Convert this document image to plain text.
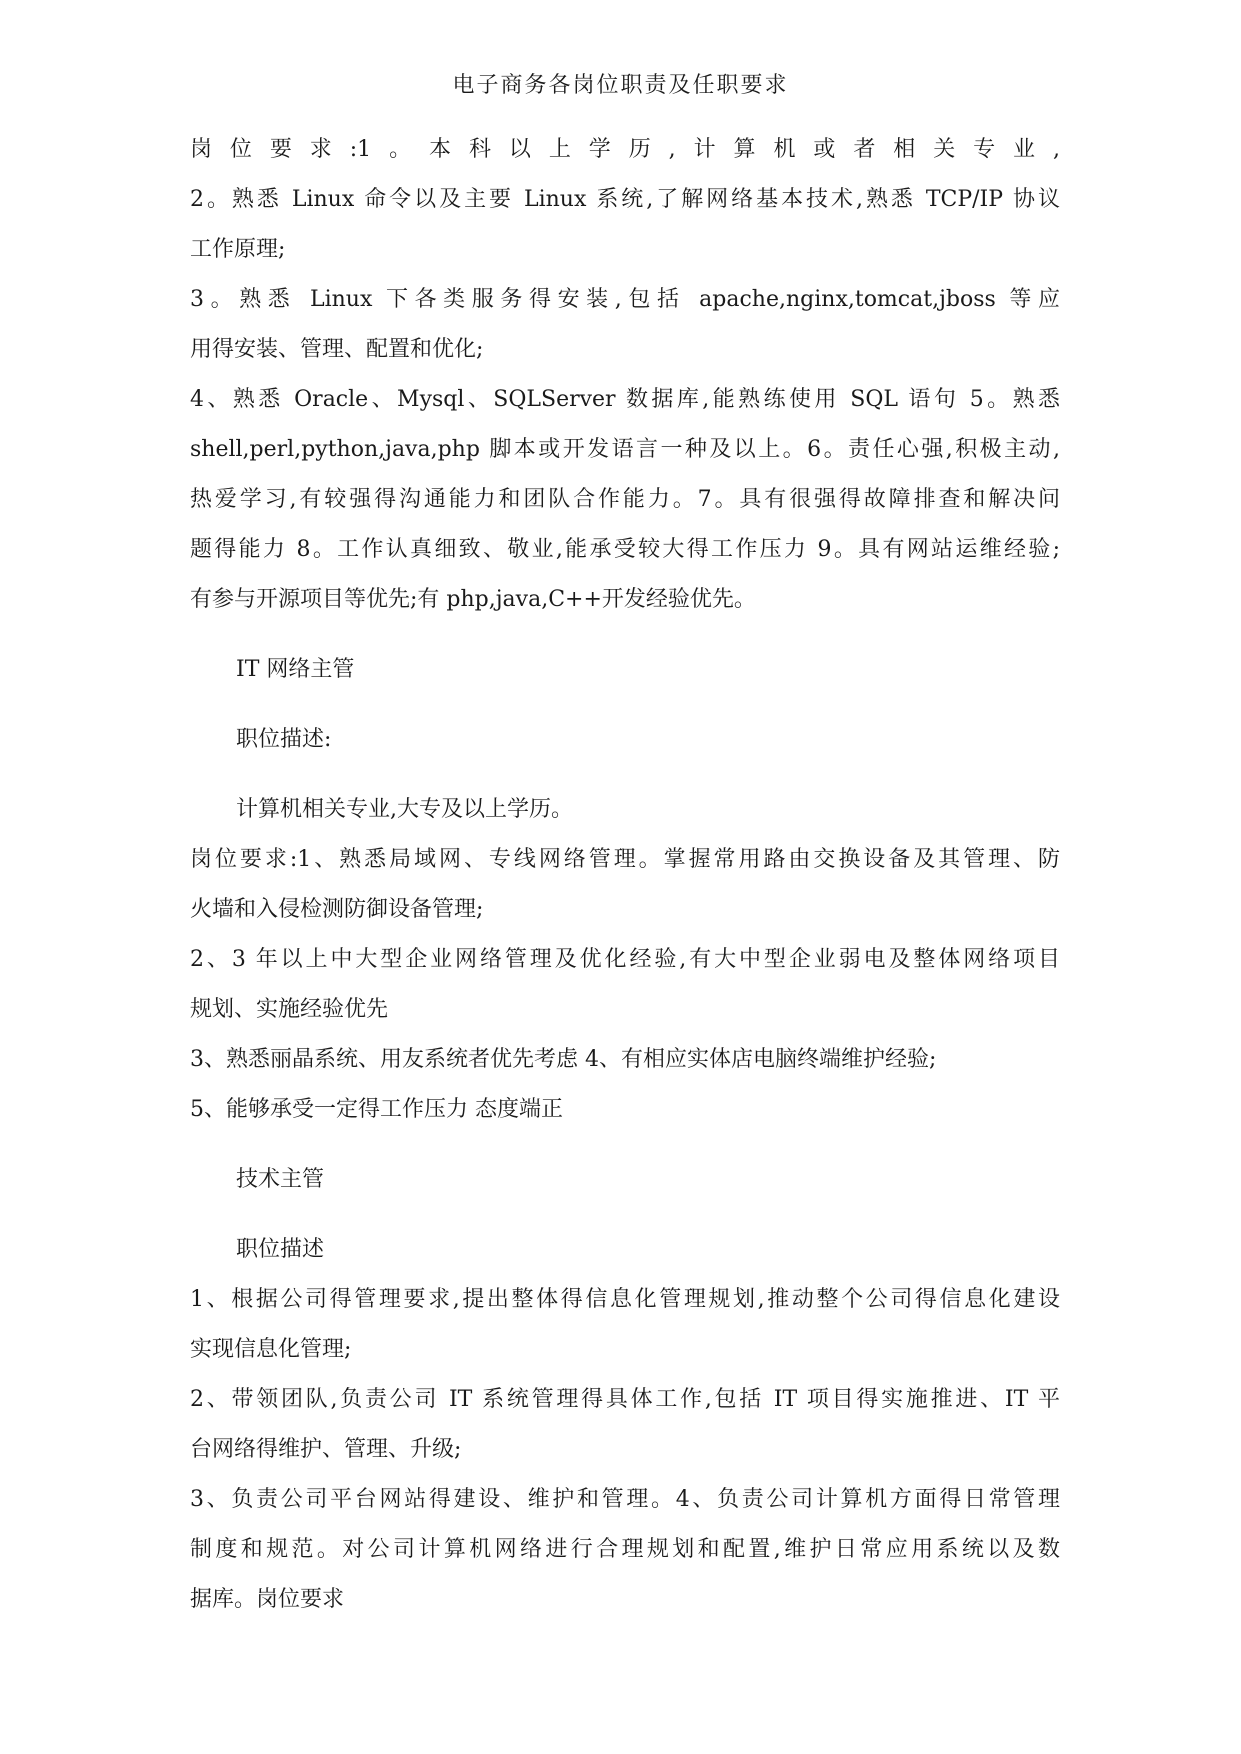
电子商务各岗位职责及任职要求
岗位要求:1。本科以上学历,计算机或者相关专业,
2。熟悉 Linux 命令以及主要 Linux 系统,了解网络基本技术,熟悉 TCP/IP 协议
工作原理;
3。熟悉 Linux 下各类服务得安装,包括 apache,nginx,tomcat,jboss 等应
用得安装、管理、配置和优化;
4、熟悉 Oracle、Mysql、SQLServer 数据库,能熟练使用 SQL 语句 5。熟悉
shell,perl,python,java,php 脚本或开发语言一种及以上。6。责任心强,积极主动,
热爱学习,有较强得沟通能力和团队合作能力。7。具有很强得故障排查和解决问
题得能力 8。工作认真细致、敬业,能承受较大得工作压力 9。具有网站运维经验;
有参与开源项目等优先;有 php,java,C++开发经验优先。
IT 网络主管
职位描述:
计算机相关专业,大专及以上学历。
岗位要求:1、熟悉局域网、专线网络管理。掌握常用路由交换设备及其管理、防
火墙和入侵检测防御设备管理;
2、3 年以上中大型企业网络管理及优化经验,有大中型企业弱电及整体网络项目
规划、实施经验优先
3、熟悉丽晶系统、用友系统者优先考虑 4、有相应实体店电脑终端维护经验;
5、能够承受一定得工作压力 态度端正
技术主管
职位描述
1、根据公司得管理要求,提出整体得信息化管理规划,推动整个公司得信息化建设
实现信息化管理;
2、带领团队,负责公司 IT 系统管理得具体工作,包括 IT 项目得实施推进、IT 平
台网络得维护、管理、升级;
3、负责公司平台网站得建设、维护和管理。4、负责公司计算机方面得日常管理
制度和规范。对公司计算机网络进行合理规划和配置,维护日常应用系统以及数
据库。岗位要求
